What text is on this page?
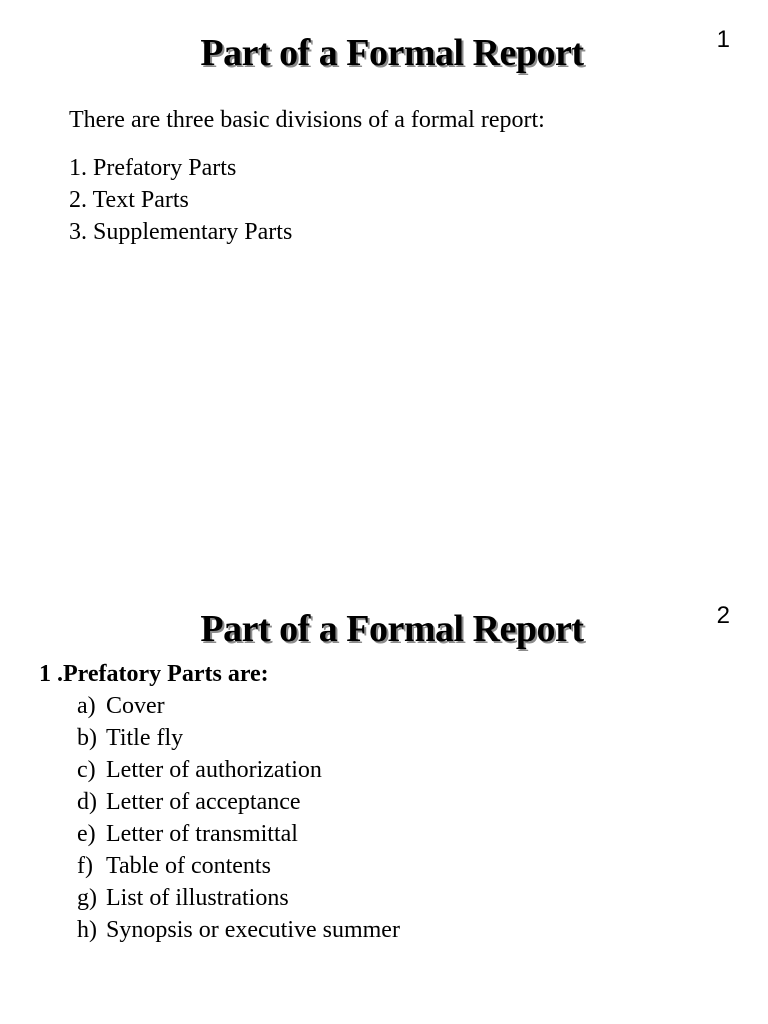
Part of a Formal Report	1

There are three basic divisions of a formal report:

1. Prefatory Parts
2. Text Parts
3. Supplementary Parts
Part of a Formal Report	2

1 .Prefatory Parts are:

a) Cover
b) Title fly
c) Letter of authorization
d) Letter of acceptance
e) Letter of transmittal
f) Table of contents
g) List of illustrations
h) Synopsis or executive summer
